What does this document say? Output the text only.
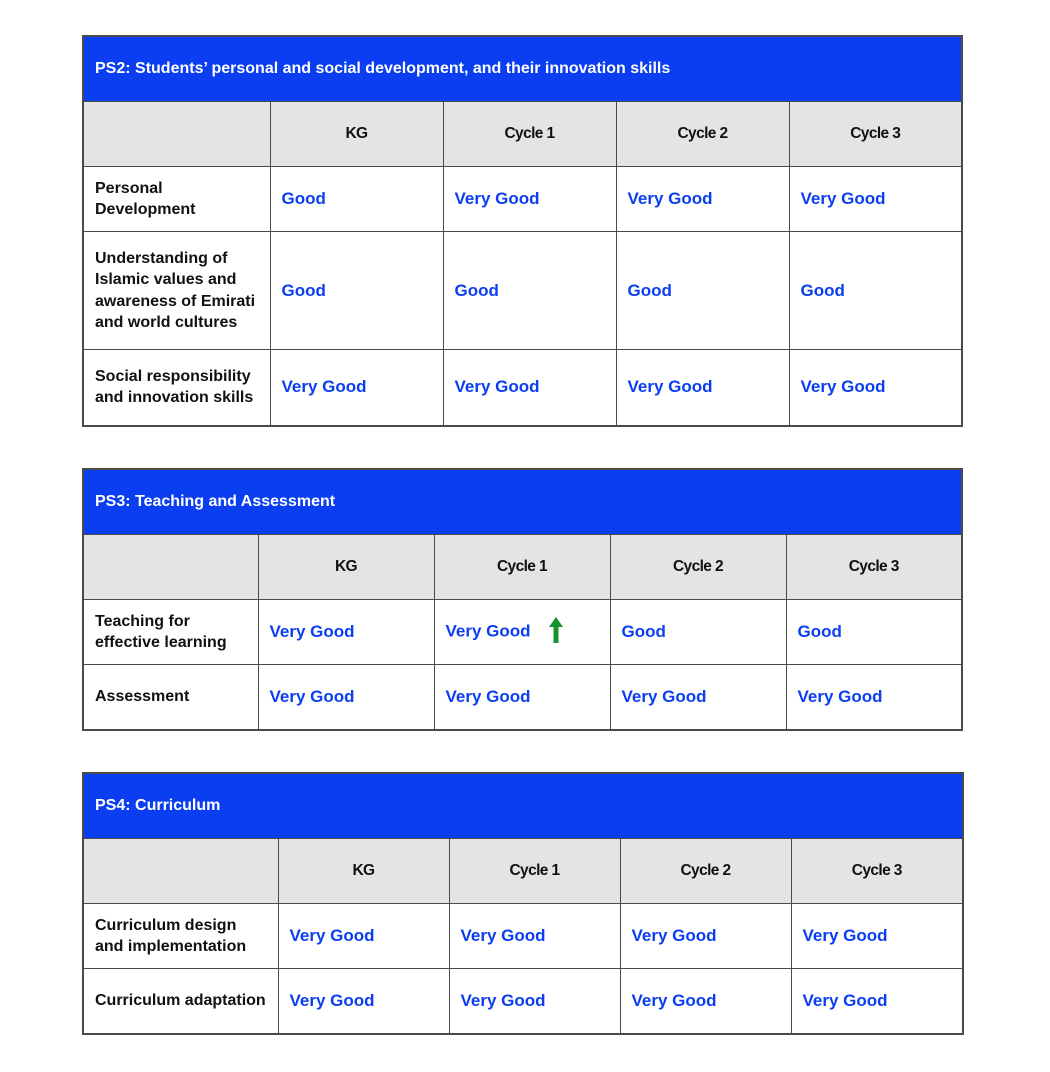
PS2: Students’ personal and social development, and their innovation skills				
	KG	Cycle 1	Cycle 2	Cycle 3
Personal Development	Good	Very Good	Very Good	Very Good
Understanding of Islamic values and awareness of Emirati and world cultures	Good	Good	Good	Good
Social responsibility and innovation skills	Very Good	Very Good	Very Good	Very Good
PS3: Teaching and Assessment				
	KG	Cycle 1	Cycle 2	Cycle 3
Teaching for effective learning	Very Good	Very Good	Good	Good
Assessment	Very Good	Very Good	Very Good	Very Good
PS4: Curriculum				
	KG	Cycle 1	Cycle 2	Cycle 3
Curriculum design and implementation	Very Good	Very Good	Very Good	Very Good
Curriculum adaptation	Very Good	Very Good	Very Good	Very Good
